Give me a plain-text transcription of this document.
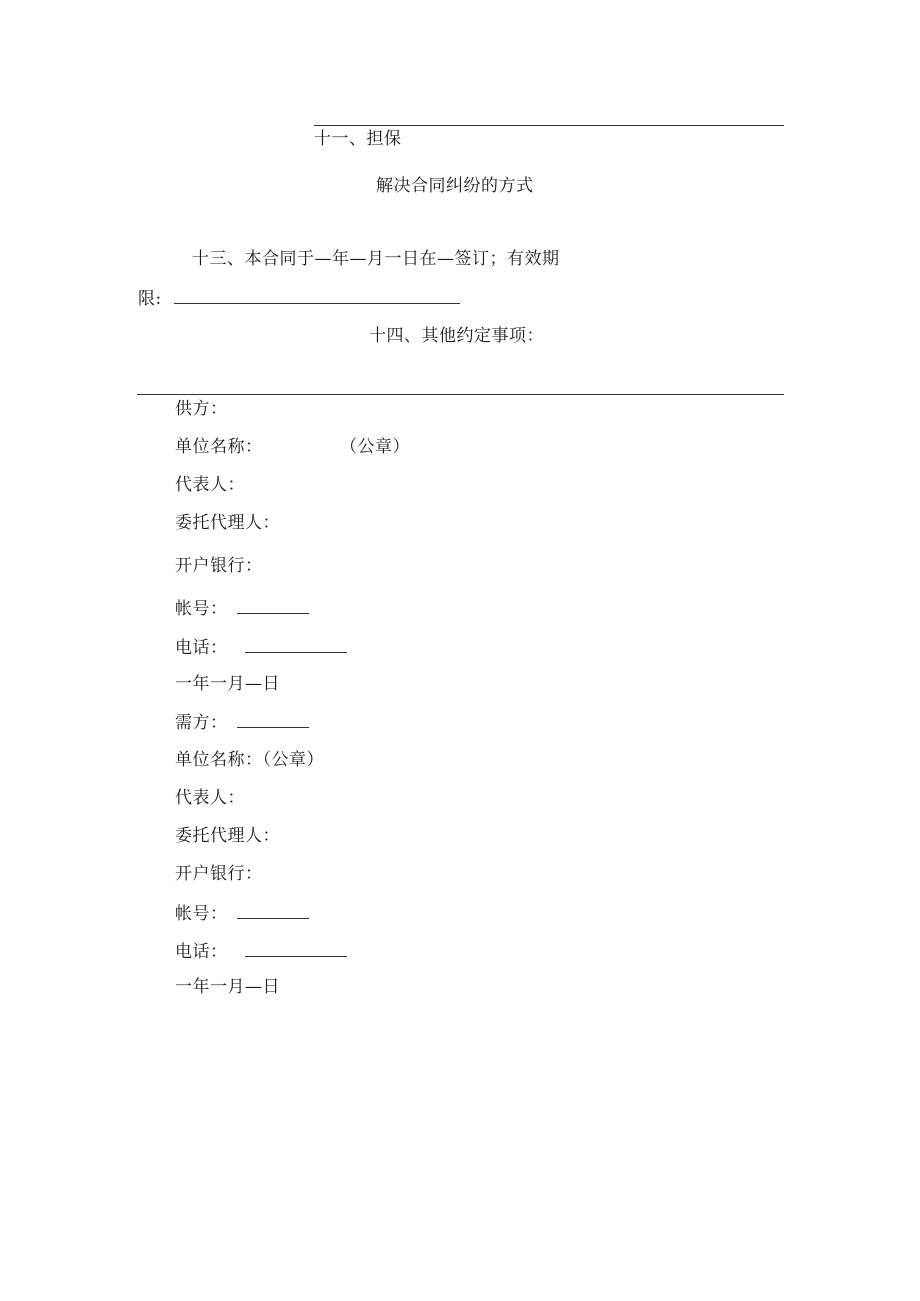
十一、担保
解决合同纠纷的方式
十三、本合同于—年—月一日在—签订；有效期
限:
十四、其他约定事项：
供方：
单位名称：	（公章）
代表人：
委托代理人：
开户银行：
帐号：
电话：
一年一月—日
需方：
单位名称：（公章）
代表人：
委托代理人：
开户银行：
帐号：
电话：
一年一月—日
